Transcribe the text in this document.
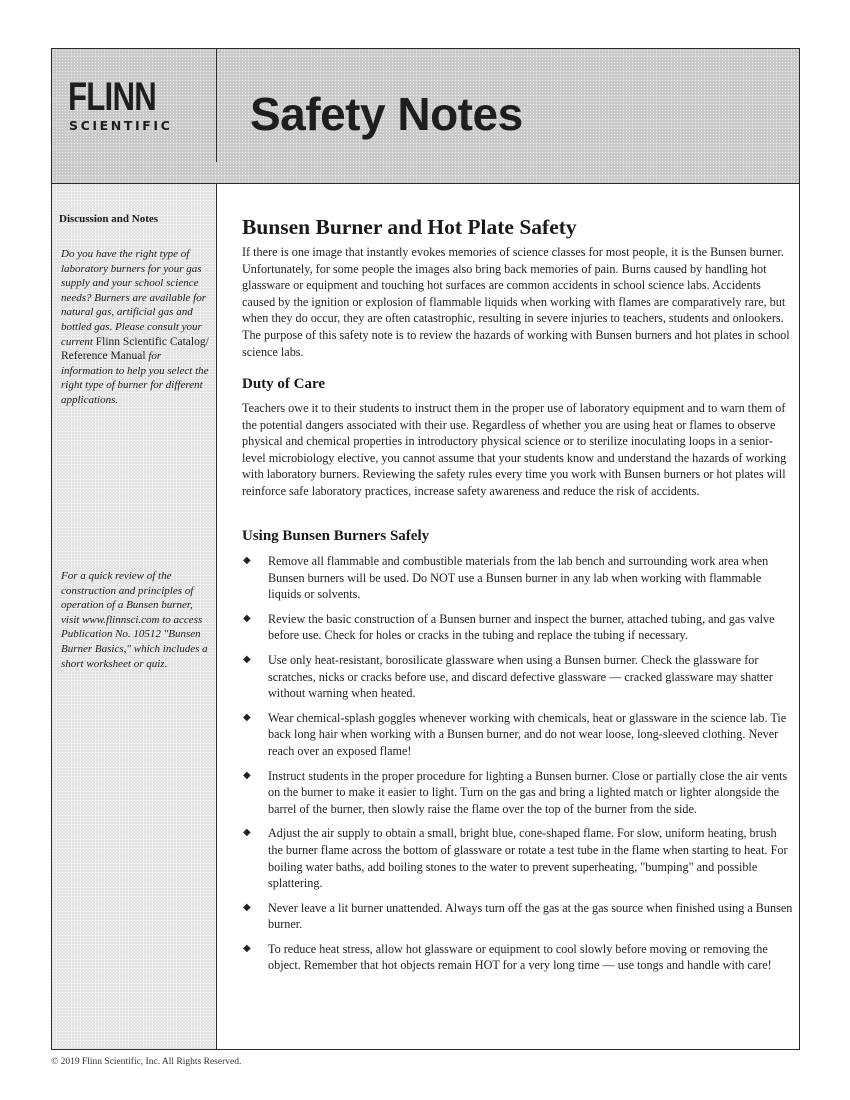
FLINN
SCIENTIFIC Safety Notes
Discussion and Notes
Do you have the right type of laboratory burners for your gas supply and your school science needs? Burners are available for natural gas, artificial gas and bottled gas. Please consult your current Flinn Scientific Catalog/ Reference Manual for information to help you select the right type of burner for different applications.
For a quick review of the construction and principles of operation of a Bunsen burner, visit www.flinnsci.com to access Publication No. 10512 "Bunsen Burner Basics," which includes a short worksheet or quiz.
Bunsen Burner and Hot Plate Safety
If there is one image that instantly evokes memories of science classes for most people, it is the Bunsen burner. Unfortunately, for some people the images also bring back memories of pain. Burns caused by handling hot glassware or equipment and touching hot surfaces are common accidents in school science labs. Accidents caused by the ignition or explosion of flammable liquids when working with flames are comparatively rare, but when they do occur, they are often catastrophic, resulting in severe injuries to teachers, students and onlookers. The purpose of this safety note is to review the hazards of working with Bunsen burners and hot plates in school science labs.
Duty of Care
Teachers owe it to their students to instruct them in the proper use of laboratory equipment and to warn them of the potential dangers associated with their use. Regardless of whether you are using heat or flames to observe physical and chemical properties in introductory physical science or to sterilize inoculating loops in a senior-level microbiology elective, you cannot assume that your students know and understand the hazards of working with laboratory burners. Reviewing the safety rules every time you work with Bunsen burners or hot plates will reinforce safe laboratory practices, increase safety awareness and reduce the risk of accidents.
Using Bunsen Burners Safely
◆ Remove all flammable and combustible materials from the lab bench and surrounding work area when Bunsen burners will be used. Do NOT use a Bunsen burner in any lab when working with flammable liquids or solvents.
◆ Review the basic construction of a Bunsen burner and inspect the burner, attached tubing, and gas valve before use. Check for holes or cracks in the tubing and replace the tubing if necessary.
◆ Use only heat-resistant, borosilicate glassware when using a Bunsen burner. Check the glassware for scratches, nicks or cracks before use, and discard defective glassware — cracked glassware may shatter without warning when heated.
◆ Wear chemical-splash goggles whenever working with chemicals, heat or glassware in the science lab. Tie back long hair when working with a Bunsen burner, and do not wear loose, long-sleeved clothing. Never reach over an exposed flame!
◆ Instruct students in the proper procedure for lighting a Bunsen burner. Close or partially close the air vents on the burner to make it easier to light. Turn on the gas and bring a lighted match or lighter alongside the barrel of the burner, then slowly raise the flame over the top of the burner from the side.
◆ Adjust the air supply to obtain a small, bright blue, cone-shaped flame. For slow, uniform heating, brush the burner flame across the bottom of glassware or rotate a test tube in the flame when starting to heat. For boiling water baths, add boiling stones to the water to prevent superheating, "bumping" and possible splattering.
◆ Never leave a lit burner unattended. Always turn off the gas at the gas source when finished using a Bunsen burner.
◆ To reduce heat stress, allow hot glassware or equipment to cool slowly before moving or removing the object. Remember that hot objects remain HOT for a very long time — use tongs and handle with care!
© 2019 Flinn Scientific, Inc. All Rights Reserved.
